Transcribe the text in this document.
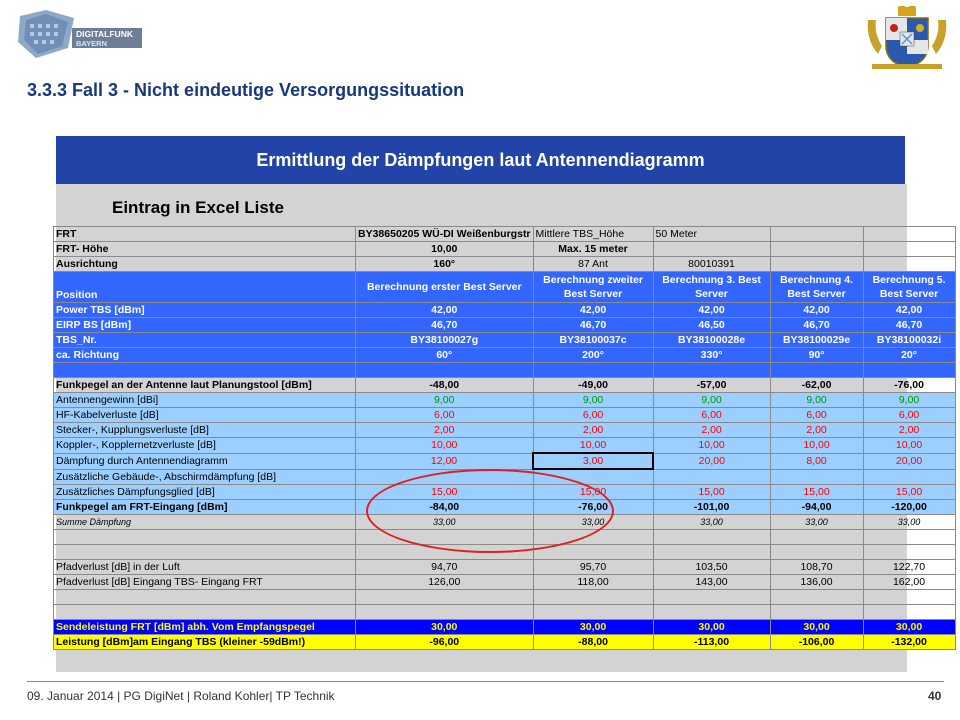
DIGITALFUNK
BAYERN
3.3.3 Fall 3 - Nicht eindeutige Versorgungssituation
Ermittlung der Dämpfungen laut Antennendiagramm
Eintrag in Excel Liste
FRT	BY38650205 WÜ-DI Weißenburgstr	Mittlere TBS_Höhe	50 Meter		
FRT- Höhe	10,00	Max. 15 meter			
Ausrichtung	160°	87 Ant	80010391		
Position	Berechnung erster Best Server	Berechnung zweiter Best Server	Berechnung 3. Best Server	Berechnung 4. Best Server	Berechnung 5. Best Server
Power TBS [dBm]	42,00	42,00	42,00	42,00	42,00
EIRP BS [dBm]	46,70	46,70	46,50	46,70	46,70
TBS_Nr.	BY38100027g	BY38100037c	BY38100028e	BY38100029e	BY38100032i
ca. Richtung	60°	200°	330°	90°	20°

Funkpegel an der Antenne laut Planungstool [dBm]	-48,00	-49,00	-57,00	-62,00	-76,00
Antennengewinn [dBi]	9,00	9,00	9,00	9,00	9,00
HF-Kabelverluste [dB]	6,00	6,00	6,00	6,00	6,00
Stecker-, Kupplungsverluste [dB]	2,00	2,00	2,00	2,00	2,00
Koppler-, Kopplernetzverluste [dB]	10,00	10,00	10,00	10,00	10,00
Dämpfung durch Antennendiagramm	12,00	3,00	20,00	8,00	20,00
Zusätzliche Gebäude-, Abschirmdämpfung [dB]					
Zusätzliches Dämpfungsglied [dB]	15,00	15,00	15,00	15,00	15,00
Funkpegel am FRT-Eingang [dBm]	-84,00	-76,00	-101,00	-94,00	-120,00
Summe Dämpfung	33,00	33,00	33,00	33,00	33,00

Pfadverlust [dB] in der Luft	94,70	95,70	103,50	108,70	122,70
Pfadverlust [dB] Eingang TBS- Eingang FRT	126,00	118,00	143,00	136,00	162,00

Sendeleistung FRT [dBm] abh. Vom Empfangspegel	30,00	30,00	30,00	30,00	30,00
Leistung [dBm]am Eingang TBS (kleiner -59dBm!)	-96,00	-88,00	-113,00	-106,00	-132,00
09. Januar 2014 | PG DigiNet | Roland Kohler| TP Technik	40
